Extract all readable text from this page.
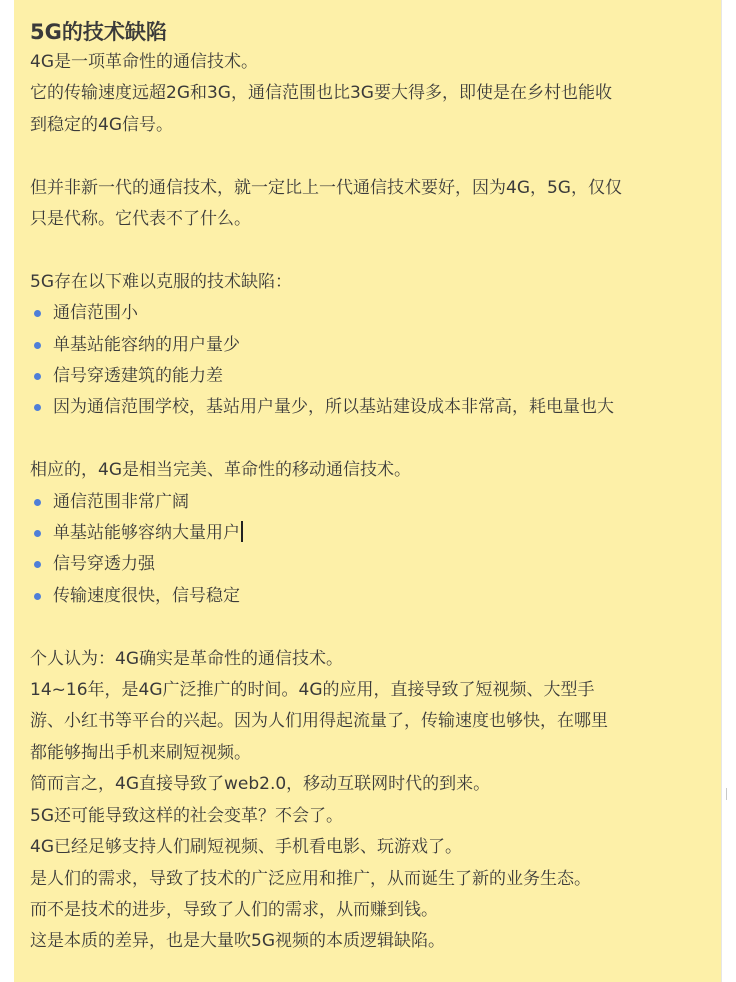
5G的技术缺陷
4G是一项革命性的通信技术。
它的传输速度远超2G和3G，通信范围也比3G要大得多，即使是在乡村也能收
到稳定的4G信号。
但并非新一代的通信技术，就一定比上一代通信技术要好，因为4G，5G，仅仅
只是代称。它代表不了什么。
5G存在以下难以克服的技术缺陷：
通信范围小
单基站能容纳的用户量少
信号穿透建筑的能力差
因为通信范围学校，基站用户量少，所以基站建设成本非常高，耗电量也大
相应的，4G是相当完美、革命性的移动通信技术。
通信范围非常广阔
单基站能够容纳大量用户
信号穿透力强
传输速度很快，信号稳定
个人认为：4G确实是革命性的通信技术。
14~16年，是4G广泛推广的时间。4G的应用，直接导致了短视频、大型手
游、小红书等平台的兴起。因为人们用得起流量了，传输速度也够快，在哪里
都能够掏出手机来刷短视频。
简而言之，4G直接导致了web2.0，移动互联网时代的到来。
5G还可能导致这样的社会变革？不会了。
4G已经足够支持人们刷短视频、手机看电影、玩游戏了。
是人们的需求，导致了技术的广泛应用和推广，从而诞生了新的业务生态。
而不是技术的进步，导致了人们的需求，从而赚到钱。
这是本质的差异，也是大量吹5G视频的本质逻辑缺陷。
